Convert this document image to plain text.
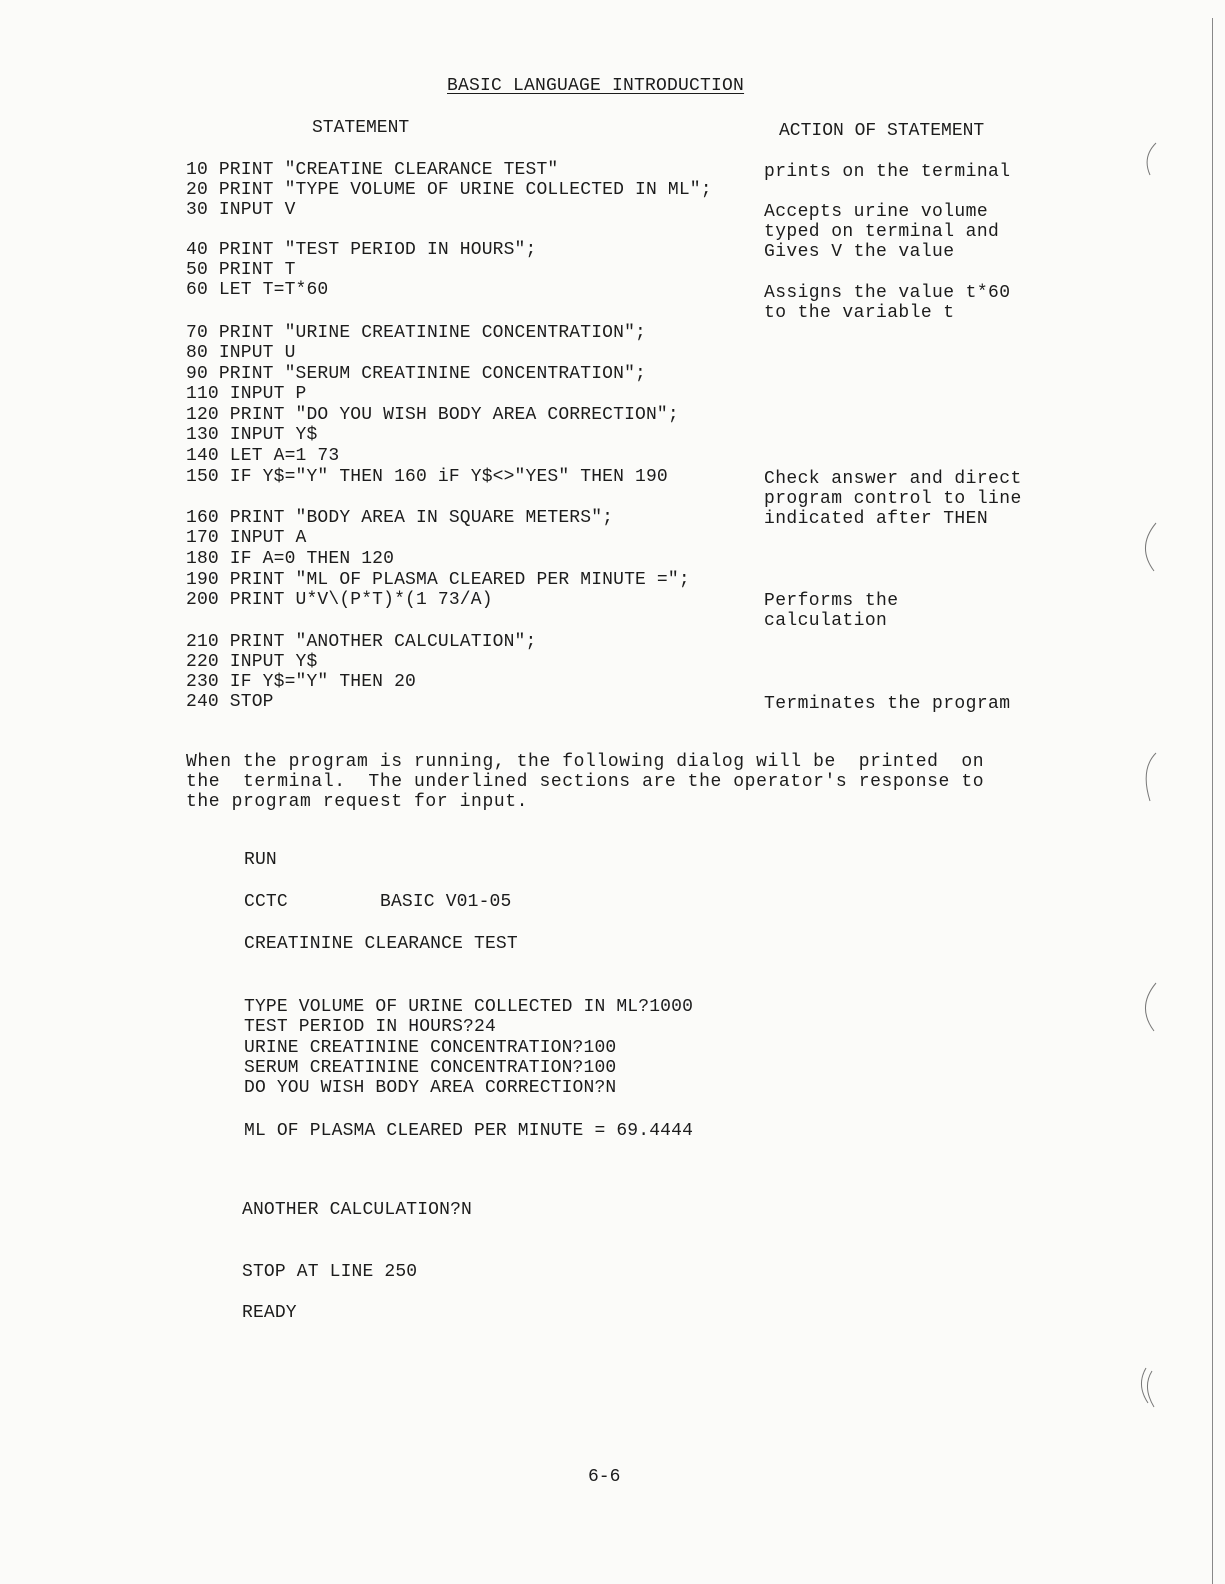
BASIC LANGUAGE INTRODUCTION
STATEMENT	ACTION OF STATEMENT
10 PRINT "CREATINE CLEARANCE TEST"
20 PRINT "TYPE VOLUME OF URINE COLLECTED IN ML";
30 INPUT V
40 PRINT "TEST PERIOD IN HOURS";
50 PRINT T
60 LET T=T*60
70 PRINT "URINE CREATININE CONCENTRATION";
80 INPUT U
90 PRINT "SERUM CREATININE CONCENTRATION";
110 INPUT P
120 PRINT "DO YOU WISH BODY AREA CORRECTION";
130 INPUT Y$
140 LET A=1 73
150 IF Y$="Y" THEN 160 iF Y$<>"YES" THEN 190
160 PRINT "BODY AREA IN SQUARE METERS";
170 INPUT A
180 IF A=0 THEN 120
190 PRINT "ML OF PLASMA CLEARED PER MINUTE =";
200 PRINT U*V\(P*T)*(1 73/A)
210 PRINT "ANOTHER CALCULATION";
220 INPUT Y$
230 IF Y$="Y" THEN 20
240 STOP
prints on the terminal
Accepts urine volume
typed on terminal and
Gives V the value
Assigns the value t*60
to the variable t
Check answer and direct
program control to line
indicated after THEN
Performs the
calculation
Terminates the program
When the program is running, the following dialog will be  printed  on
the  terminal.  The underlined sections are the operator's response to
the program request for input.
RUN
CCTC	BASIC V01-05
CREATININE CLEARANCE TEST
TYPE VOLUME OF URINE COLLECTED IN ML?1000
TEST PERIOD IN HOURS?24
URINE CREATININE CONCENTRATION?100
SERUM CREATININE CONCENTRATION?100
DO YOU WISH BODY AREA CORRECTION?N
ML OF PLASMA CLEARED PER MINUTE = 69.4444
ANOTHER CALCULATION?N
STOP AT LINE 250
READY
6-6
